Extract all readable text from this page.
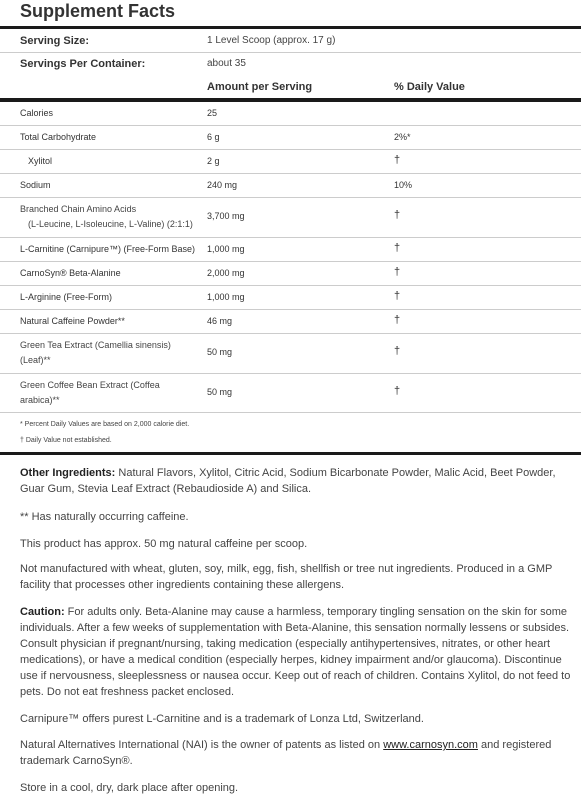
Supplement Facts
Serving Size:	1 Level Scoop (approx. 17 g)
Servings Per Container:	about 35
Amount per Serving	% Daily Value
Calories	25
Total Carbohydrate	6 g	2%*
Xylitol	2 g	†
Sodium	240 mg	10%
Branched Chain Amino Acids
(L-Leucine, L-Isoleucine, L-Valine) (2:1:1)
3,700 mg	†
L-Carnitine (Carnipure™) (Free-Form Base) 1,000 mg	†
CarnoSyn® Beta-Alanine	2,000 mg	†
L-Arginine (Free-Form)	1,000 mg	†
Natural Caffeine Powder**	46 mg	†
Green Tea Extract (Camellia sinensis)
(Leaf)**
50 mg	†
Green Coffee Bean Extract (Coffea
arabica)**
50 mg	†
* Percent Daily Values are based on 2,000 calorie diet.
† Daily Value not established.

Other Ingredients: Natural Flavors, Xylitol, Citric Acid, Sodium Bicarbonate Powder, Malic Acid, Beet Powder, Guar Gum, Stevia Leaf Extract (Rebaudioside A) and Silica.

** Has naturally occurring caffeine.

This product has approx. 50 mg natural caffeine per scoop.

Not manufactured with wheat, gluten, soy, milk, egg, fish, shellfish or tree nut ingredients. Produced in a GMP facility that processes other ingredients containing these allergens.

Caution: For adults only. Beta-Alanine may cause a harmless, temporary tingling sensation on the skin for some individuals. After a few weeks of supplementation with Beta-Alanine, this sensation normally lessens or subsides. Consult physician if pregnant/nursing, taking medication (especially antihypertensives, nitrates, or other heart medications), or have a medical condition (especially herpes, kidney impairment and/or glaucoma). Discontinue use if nervousness, sleeplessness or nausea occur. Keep out of reach of children. Contains Xylitol, do not feed to pets. Do not eat freshness packet enclosed.

Carnipure™ offers purest L-Carnitine and is a trademark of Lonza Ltd, Switzerland.

Natural Alternatives International (NAI) is the owner of patents as listed on www.carnosyn.com and registered trademark CarnoSyn®.

Store in a cool, dry, dark place after opening.
